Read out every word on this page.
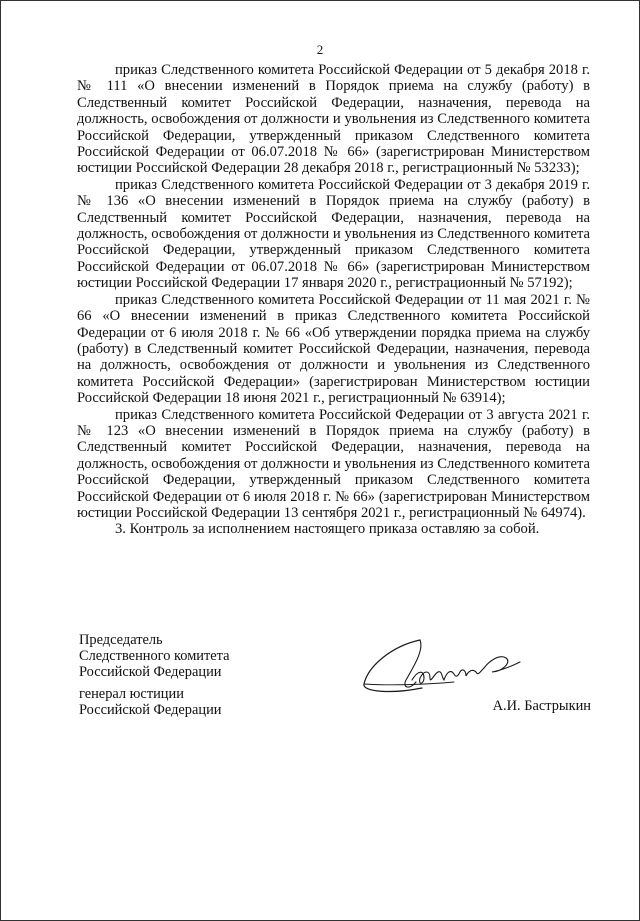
2

приказ Следственного комитета Российской Федерации от 5 декабря 2018 г. № 111 «О внесении изменений в Порядок приема на службу (работу) в Следственный комитет Российской Федерации, назначения, перевода на должность, освобождения от должности и увольнения из Следственного комитета Российской Федерации, утвержденный приказом Следственного комитета Российской Федерации от 06.07.2018 № 66» (зарегистрирован Министерством юстиции Российской Федерации 28 декабря 2018 г., регистрационный № 53233);

приказ Следственного комитета Российской Федерации от 3 декабря 2019 г. № 136 «О внесении изменений в Порядок приема на службу (работу) в Следственный комитет Российской Федерации, назначения, перевода на должность, освобождения от должности и увольнения из Следственного комитета Российской Федерации, утвержденный приказом Следственного комитета Российской Федерации от 06.07.2018 № 66» (зарегистрирован Министерством юстиции Российской Федерации 17 января 2020 г., регистрационный № 57192);

приказ Следственного комитета Российской Федерации от 11 мая 2021 г. № 66 «О внесении изменений в приказ Следственного комитета Российской Федерации от 6 июля 2018 г. № 66 «Об утверждении порядка приема на службу (работу) в Следственный комитет Российской Федерации, назначения, перевода на должность, освобождения от должности и увольнения из Следственного комитета Российской Федерации» (зарегистрирован Министерством юстиции Российской Федерации 18 июня 2021 г., регистрационный № 63914);

приказ Следственного комитета Российской Федерации от 3 августа 2021 г. № 123 «О внесении изменений в Порядок приема на службу (работу) в Следственный комитет Российской Федерации, назначения, перевода на должность, освобождения от должности и увольнения из Следственного комитета Российской Федерации, утвержденный приказом Следственного комитета Российской Федерации от 6 июля 2018 г. № 66» (зарегистрирован Министерством юстиции Российской Федерации 13 сентября 2021 г., регистрационный № 64974).

3. Контроль за исполнением настоящего приказа оставляю за собой.

Председатель
Следственного комитета
Российской Федерации
генерал юстиции
Российской Федерации	А.И. Бастрыкин
